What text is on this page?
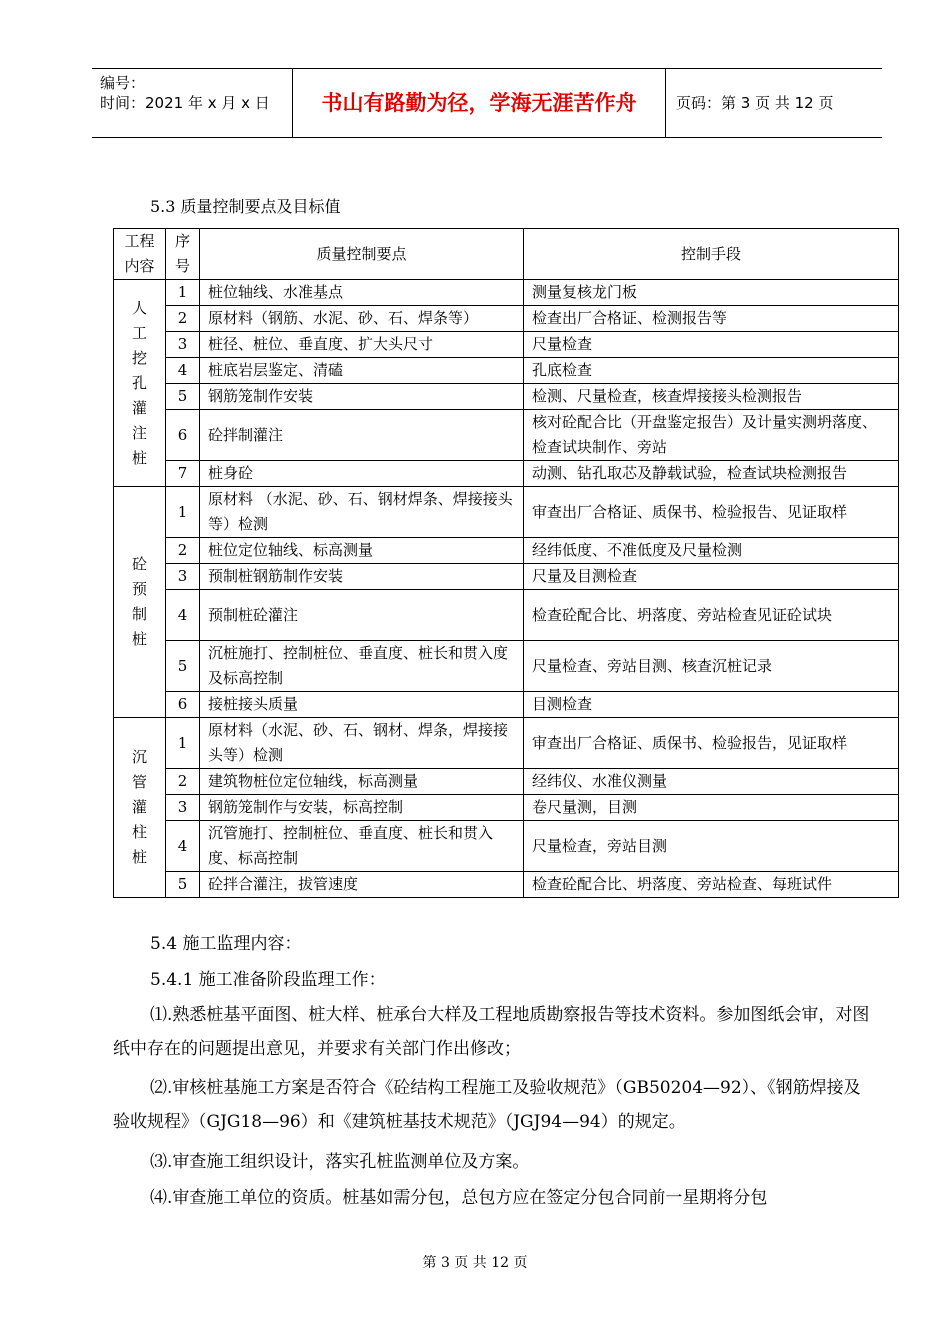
编号：
时间：2021 年 x 月 x 日	书山有路勤为径，学海无涯苦作舟	页码：第 3 页 共 12 页
5.3 质量控制要点及目标值
工程内容	序号	质量控制要点	控制手段

人工挖孔灌注桩	1	桩位轴线、水准基点	测量复核龙门板
	2	原材料（钢筋、水泥、砂、石、焊条等）	检查出厂合格证、检测报告等
	3	桩径、桩位、垂直度、扩大头尺寸	尺量检查
	4	桩底岩层鉴定、清磕	孔底检查
	5	钢筋笼制作安装	检测、尺量检查，核查焊接接头检测报告
	6	砼拌制灌注	核对砼配合比（开盘鉴定报告）及计量实测坍落度、检查试块制作、旁站
	7	桩身砼	动测、钻孔取芯及静载试验，检查试块检测报告

砼预制桩	1	原材料 （水泥、砂、石、钢材焊条、焊接接头等）检测	审查出厂合格证、质保书、检验报告、见证取样
	2	桩位定位轴线、标高测量	经纬低度、不准低度及尺量检测
	3	预制桩钢筋制作安装	尺量及目测检查
	4	预制桩砼灌注	检查砼配合比、坍落度、旁站检查见证砼试块
	5	沉桩施打、控制桩位、垂直度、桩长和贯入度及标高控制	尺量检查、旁站目测、核查沉桩记录
	6	接桩接头质量	目测检查

沉管灌柱桩	1	原材料（水泥、砂、石、钢材、焊条，焊接接头等）检测	审查出厂合格证、质保书、检验报告，见证取样
	2	建筑物桩位定位轴线，标高测量	经纬仪、水准仪测量
	3	钢筋笼制作与安装，标高控制	卷尺量测，目测
	4	沉管施打、控制桩位、垂直度、桩长和贯入度、标高控制	尺量检查，旁站目测
	5	砼拌合灌注，拔管速度	检查砼配合比、坍落度、旁站检查、每班试件
5.4 施工监理内容：
5.4.1 施工准备阶段监理工作：
⑴.熟悉桩基平面图、桩大样、桩承台大样及工程地质勘察报告等技术资料。参加图纸会审，对图纸中存在的问题提出意见，并要求有关部门作出修改；
⑵.审核桩基施工方案是否符合《砼结构工程施工及验收规范》（GB50204—92）、《钢筋焊接及验收规程》（GJG18—96）和《建筑桩基技术规范》（JGJ94—94）的规定。
⑶.审查施工组织设计，落实孔桩监测单位及方案。
⑷.审查施工单位的资质。桩基如需分包，总包方应在签定分包合同前一星期将分包
第 3 页 共 12 页
